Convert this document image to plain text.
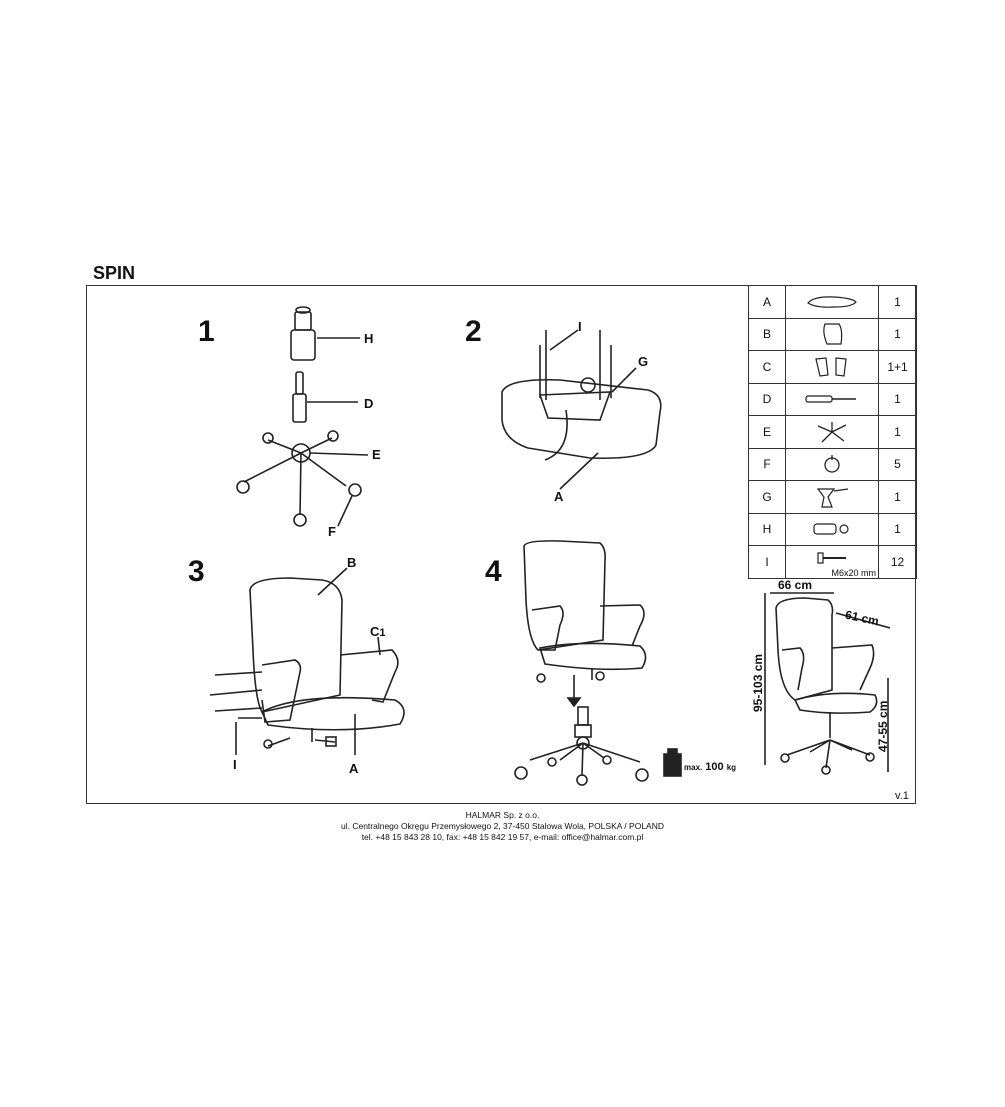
SPIN
1	2
3	4
H
D
E
F
I
G
A
B
C1
I	A
A		1
B		1
C		1+1
D		1
E		1
F		5
G		1
H		1
I	M6x20 mm	12
66 cm
61 cm
95-103 cm
47-55 cm
max. 100 kg
v.1
HALMAR Sp. z o.o.
ul. Centralnego Okręgu Przemysłowego 2, 37-450 Stalowa Wola, POLSKA / POLAND
tel. +48 15 843 28 10, fax: +48 15 842 19 57, e-mail: office@halmar.com.pl
